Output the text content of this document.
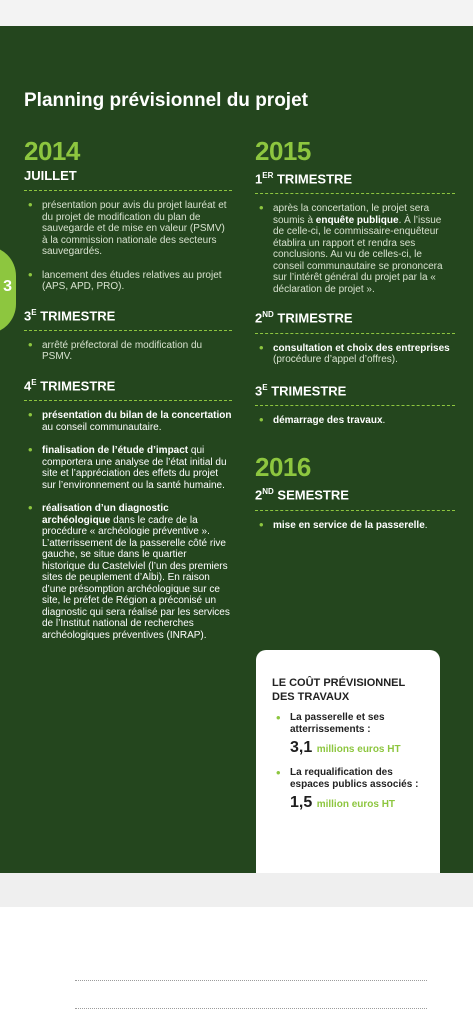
3
Planning prévisionnel du projet
2014
JUILLET
• présentation pour avis du projet lauréat et du projet de modification du plan de sauvegarde et de mise en valeur (PSMV) à la commission nationale des secteurs sauvegardés.
• lancement des études relatives au projet (APS, APD, PRO).
$3^E$ TRIMESTRE
• arrêté préfectoral de modification du PSMV.
$4^E$ TRIMESTRE
• présentation du bilan de la concertation au conseil communautaire.
• finalisation de l’étude d’impact qui comportera une analyse de l’état initial du site et l’appréciation des effets du projet sur l’environnement ou la santé humaine.
• réalisation d’un diagnostic archéologique dans le cadre de la procédure « archéologie préventive ». L’atterrissement de la passerelle côté rive gauche, se situe dans le quartier historique du Castelviel (l’un des premiers sites de peuplement d’Albi). En raison d’une présomption archéologique sur ce site, le préfet de Région a préconisé un diagnostic qui sera réalisé par les services de l’Institut national de recherches archéologiques préventives (INRAP).
2015
1ER TRIMESTRE
• après la concertation, le projet sera soumis à enquête publique. À l’issue de celle-ci, le commissaire-enquêteur établira un rapport et rendra ses conclusions. Au vu de celles-ci, le conseil communautaire se prononcera sur l’intérêt général du projet par la « déclaration de projet ».
2ND TRIMESTRE
• consultation et choix des entreprises
(procédure d’appel d’offres).
$3^E$ TRIMESTRE
• démarrage des travaux.
2016
2ND SEMESTRE
• mise en service de la passerelle.
LE COÛT PRÉVISIONNEL DES TRAVAUX
• La passerelle et ses atterrissements :
3,1 millions euros HT
• La requalification des espaces publics associés :
1,5 million euros HT
